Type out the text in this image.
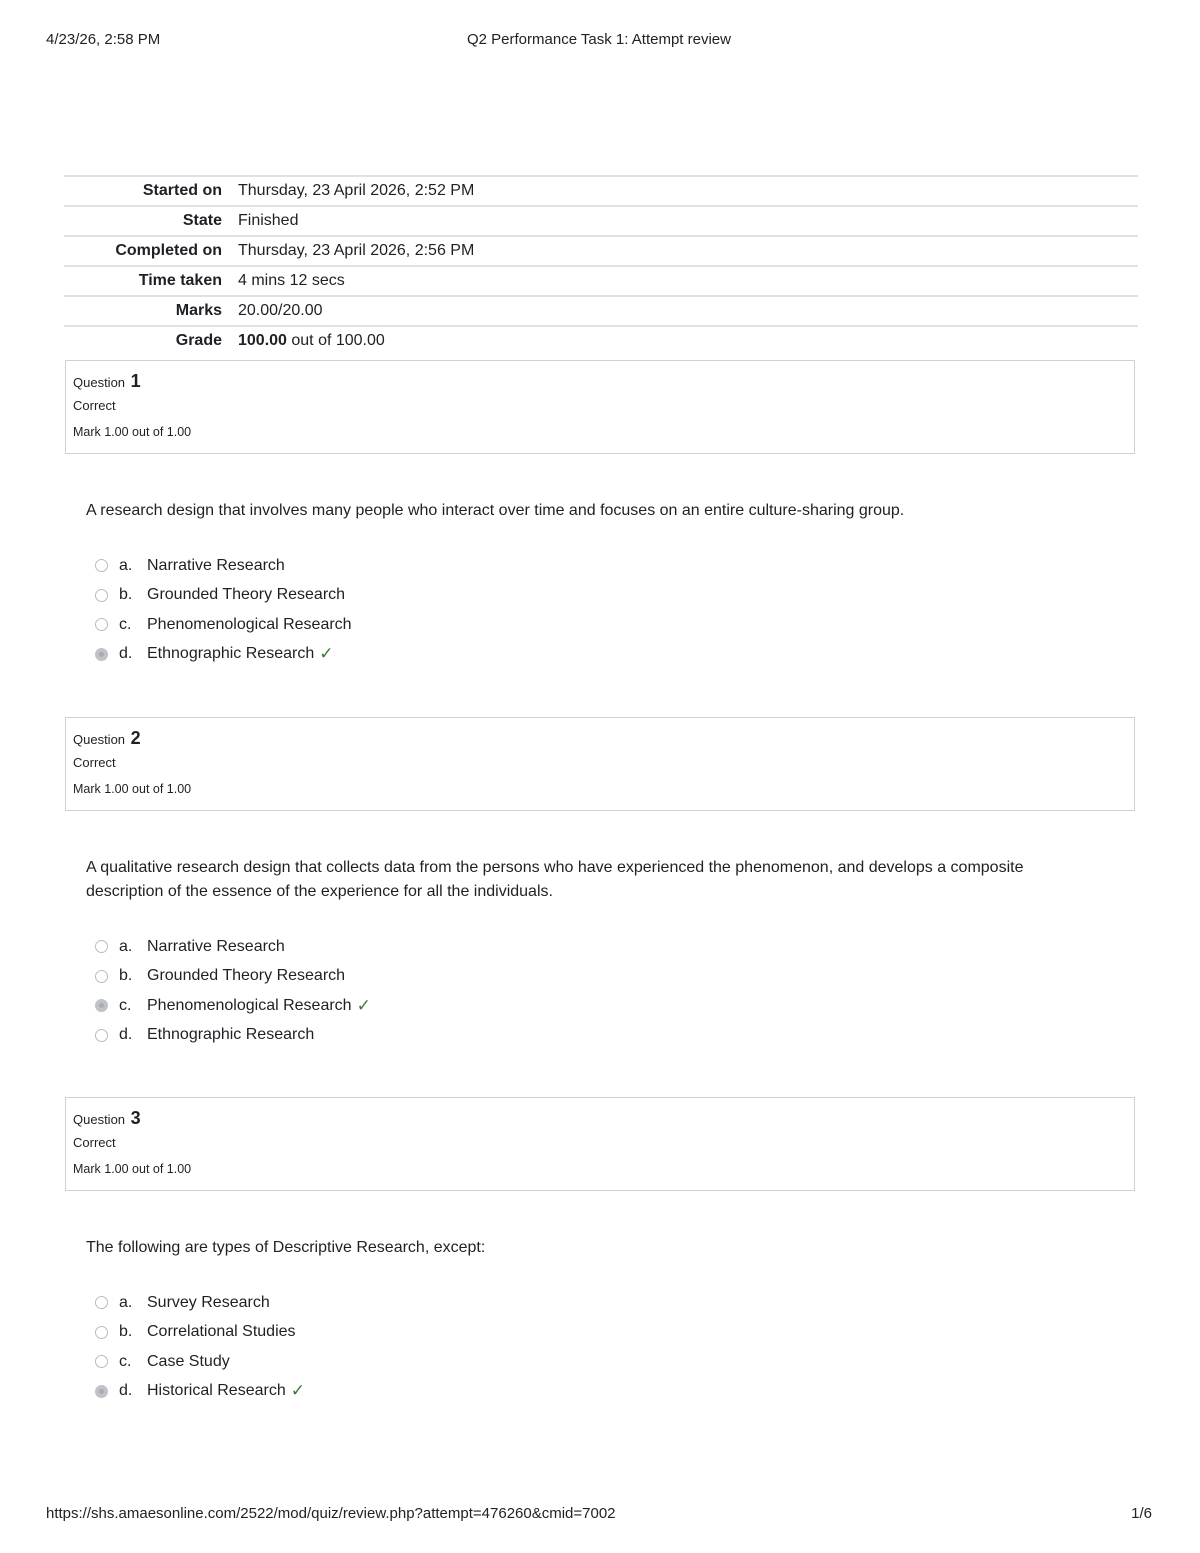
4/23/26, 2:58 PM	Q2 Performance Task 1: Attempt review
Started on	Thursday, 23 April 2026, 2:52 PM
State	Finished
Completed on	Thursday, 23 April 2026, 2:56 PM
Time taken	4 mins 12 secs
Marks	20.00/20.00
Grade	100.00 out of 100.00
Question 1
Correct
Mark 1.00 out of 1.00
A research design that involves many people who interact over time and focuses on an entire culture-sharing group.
a. Narrative Research
b. Grounded Theory Research
c. Phenomenological Research
d. Ethnographic Research ✓
Question 2
Correct
Mark 1.00 out of 1.00
A qualitative research design that collects data from the persons who have experienced the phenomenon, and develops a composite description of the essence of the experience for all the individuals.
a. Narrative Research
b. Grounded Theory Research
c. Phenomenological Research ✓
d. Ethnographic Research
Question 3
Correct
Mark 1.00 out of 1.00
The following are types of Descriptive Research, except:
a. Survey Research
b. Correlational Studies
c. Case Study
d. Historical Research ✓
https://shs.amaesonline.com/2522/mod/quiz/review.php?attempt=476260&cmid=7002	1/6
